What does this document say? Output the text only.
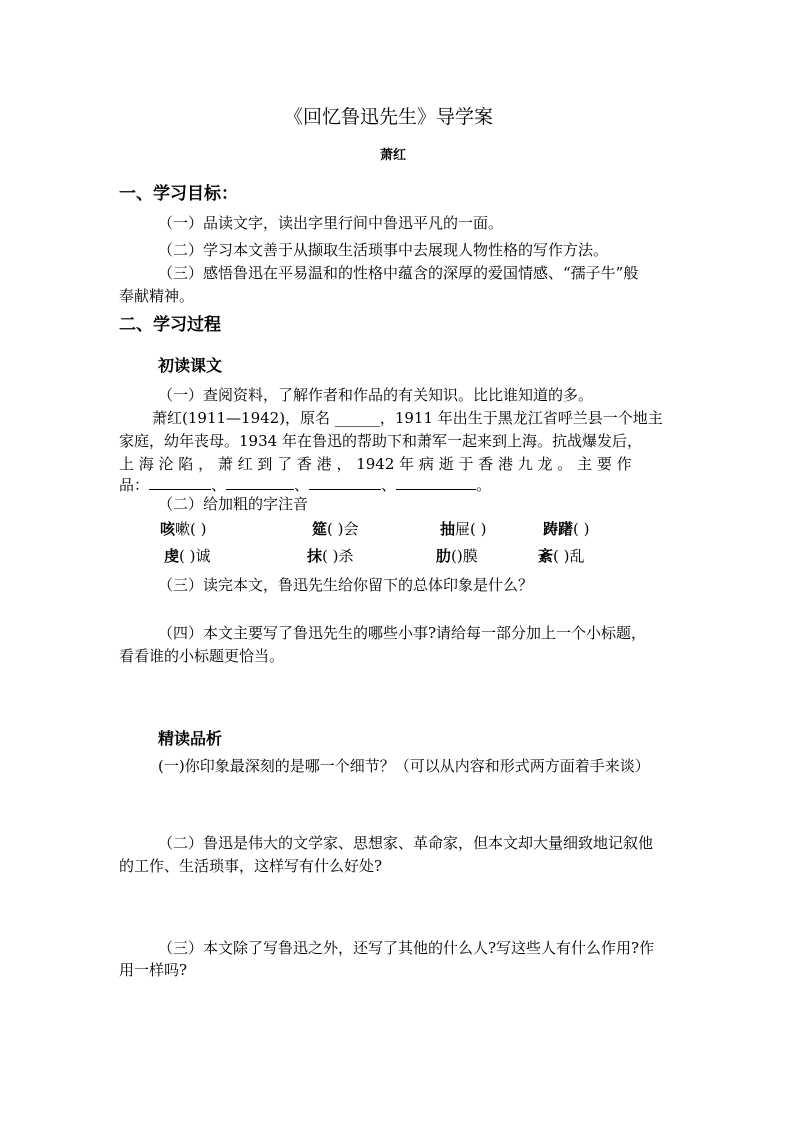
《回忆鲁迅先生》导学案
萧红
一、学习目标：
（一）品读文字，读出字里行间中鲁迅平凡的一面。
（二）学习本文善于从撷取生活琐事中去展现人物性格的写作方法。
（三）感悟鲁迅在平易温和的性格中蕴含的深厚的爱国情感、“孺子牛”般
奉献精神。
二、学习过程
初读课文
（一）查阅资料，了解作者和作品的有关知识。比比谁知道的多。
萧红(1911—1942)，原名 ______，1911 年出生于黑龙江省呼兰县一个地主
家庭，幼年丧母。1934 年在鲁迅的帮助下和萧军一起来到上海。抗战爆发后，
上 海 沦 陷 ， 萧 红 到 了 香 港 ， 1942 年 病 逝 于 香 港 九 龙 。 主 要 作
品：	、	、	、	。
（二）给加粗的字注音
咳嗽( )	筵( )会	抽屉( )	踌躇( )
虔( )诚	抹( )杀	肋()膜	紊( )乱
（三）读完本文，鲁迅先生给你留下的总体印象是什么？
（四）本文主要写了鲁迅先生的哪些小事?请给每一部分加上一个小标题，
看看谁的小标题更恰当。
精读品析
(一)你印象最深刻的是哪一个细节？（可以从内容和形式两方面着手来谈）
（二）鲁迅是伟大的文学家、思想家、革命家，但本文却大量细致地记叙他
的工作、生活琐事，这样写有什么好处?
（三）本文除了写鲁迅之外，还写了其他的什么人?写这些人有什么作用?作
用一样吗?
